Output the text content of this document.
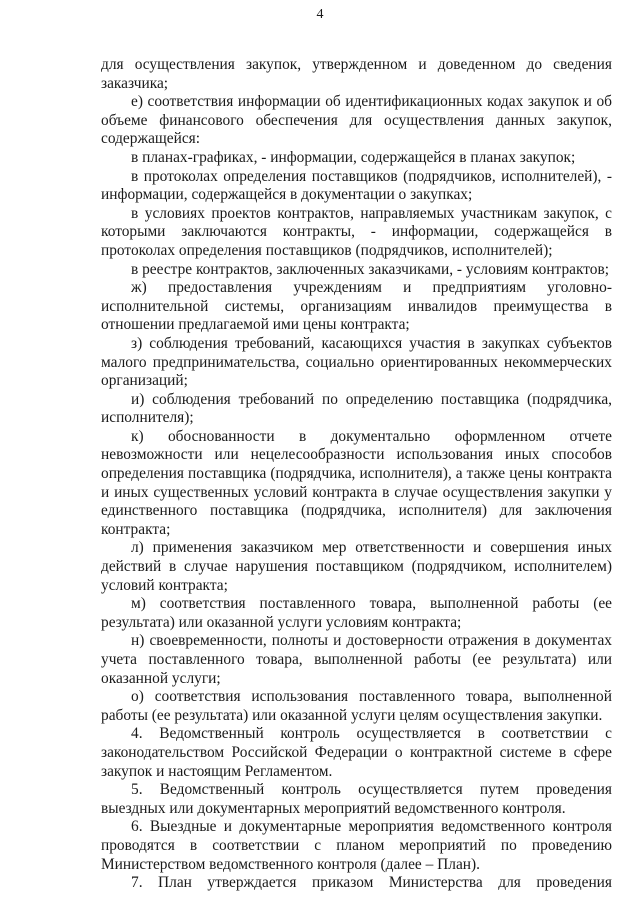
4

для осуществления закупок, утвержденном и доведенном до сведения заказчика;

е) соответствия информации об идентификационных кодах закупок и об объеме финансового обеспечения для осуществления данных закупок, содержащейся:

в планах-графиках, - информации, содержащейся в планах закупок;

в протоколах определения поставщиков (подрядчиков, исполнителей), - информации, содержащейся в документации о закупках;

в условиях проектов контрактов, направляемых участникам закупок, с которыми заключаются контракты, - информации, содержащейся в протоколах определения поставщиков (подрядчиков, исполнителей);

в реестре контрактов, заключенных заказчиками, - условиям контрактов;

ж) предоставления учреждениям и предприятиям уголовно-исполнительной системы, организациям инвалидов преимущества в отношении предлагаемой ими цены контракта;

з) соблюдения требований, касающихся участия в закупках субъектов малого предпринимательства, социально ориентированных некоммерческих организаций;

и) соблюдения требований по определению поставщика (подрядчика, исполнителя);

к) обоснованности в документально оформленном отчете невозможности или нецелесообразности использования иных способов определения поставщика (подрядчика, исполнителя), а также цены контракта и иных существенных условий контракта в случае осуществления закупки у единственного поставщика (подрядчика, исполнителя) для заключения контракта;

л) применения заказчиком мер ответственности и совершения иных действий в случае нарушения поставщиком (подрядчиком, исполнителем) условий контракта;

м) соответствия поставленного товара, выполненной работы (ее результата) или оказанной услуги условиям контракта;

н) своевременности, полноты и достоверности отражения в документах учета поставленного товара, выполненной работы (ее результата) или оказанной услуги;

о) соответствия использования поставленного товара, выполненной работы (ее результата) или оказанной услуги целям осуществления закупки.

4. Ведомственный контроль осуществляется в соответствии с законодательством Российской Федерации о контрактной системе в сфере закупок и настоящим Регламентом.

5. Ведомственный контроль осуществляется путем проведения выездных или документарных мероприятий ведомственного контроля.

6. Выездные и документарные мероприятия ведомственного контроля проводятся в соответствии с планом мероприятий по проведению Министерством ведомственного контроля (далее – План).

7. План утверждается приказом Министерства для проведения
